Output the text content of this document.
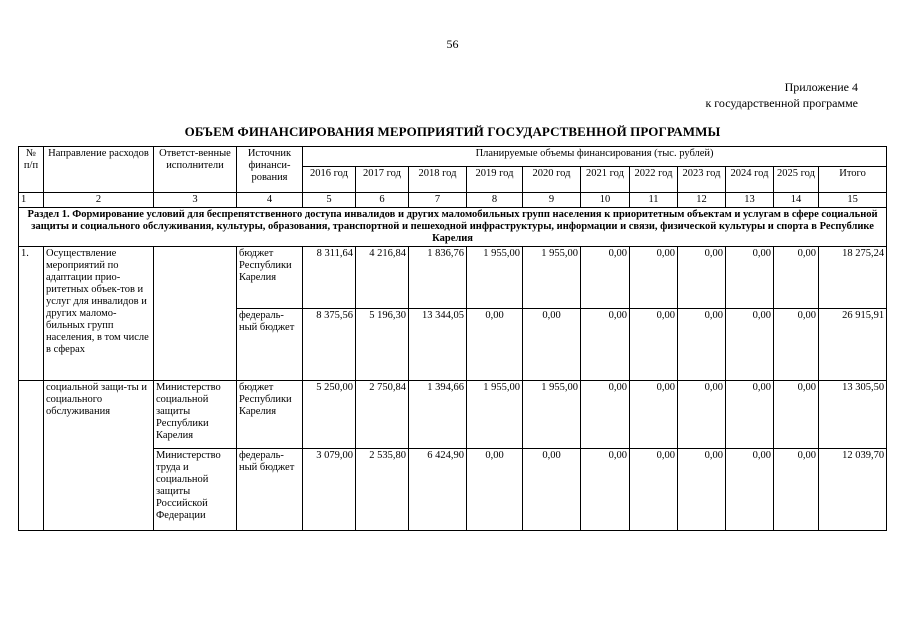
56
Приложение 4
к государственной программе
ОБЪЕМ ФИНАНСИРОВАНИЯ МЕРОПРИЯТИЙ ГОСУДАРСТВЕННОЙ ПРОГРАММЫ
№ п/п	Направление расходов	Ответст-венные исполнители	Источник финанси-рования	Планируемые объемы финансирования (тыс. рублей)										
				2016 год	2017 год	2018 год	2019 год	2020 год	2021 год	2022 год	2023 год	2024 год	2025 год	Итого
1	2	3	4	5	6	7	8	9	10	11	12	13	14	15
Раздел 1. Формирование условий для беспрепятственного доступа инвалидов и других маломобильных групп населения к приоритетным объектам и услугам в сфере социальной защиты и социального обслуживания, культуры, образования, транспортной и пешеходной инфраструктуры, информации и связи, физической культуры и спорта в Республике Карелия														
1.	Осуществление мероприятий по адаптации прио-ритетных объек-тов и услуг для инвалидов и других маломо-бильных групп населения, в том числе в сферах		бюджет Республики Карелия	8 311,64	4 216,84	1 836,76	1 955,00	1 955,00	0,00	0,00	0,00	0,00	0,00	18 275,24
			федераль-ный бюджет	8 375,56	5 196,30	13 344,05	0,00	0,00	0,00	0,00	0,00	0,00	0,00	26 915,91
	социальной защи-ты и социального обслуживания	Министерство социальной защиты Республики Карелия	бюджет Республики Карелия	5 250,00	2 750,84	1 394,66	1 955,00	1 955,00	0,00	0,00	0,00	0,00	0,00	13 305,50
		Министерство труда и социальной защиты Российской Федерации	федераль-ный бюджет	3 079,00	2 535,80	6 424,90	0,00	0,00	0,00	0,00	0,00	0,00	0,00	12 039,70
